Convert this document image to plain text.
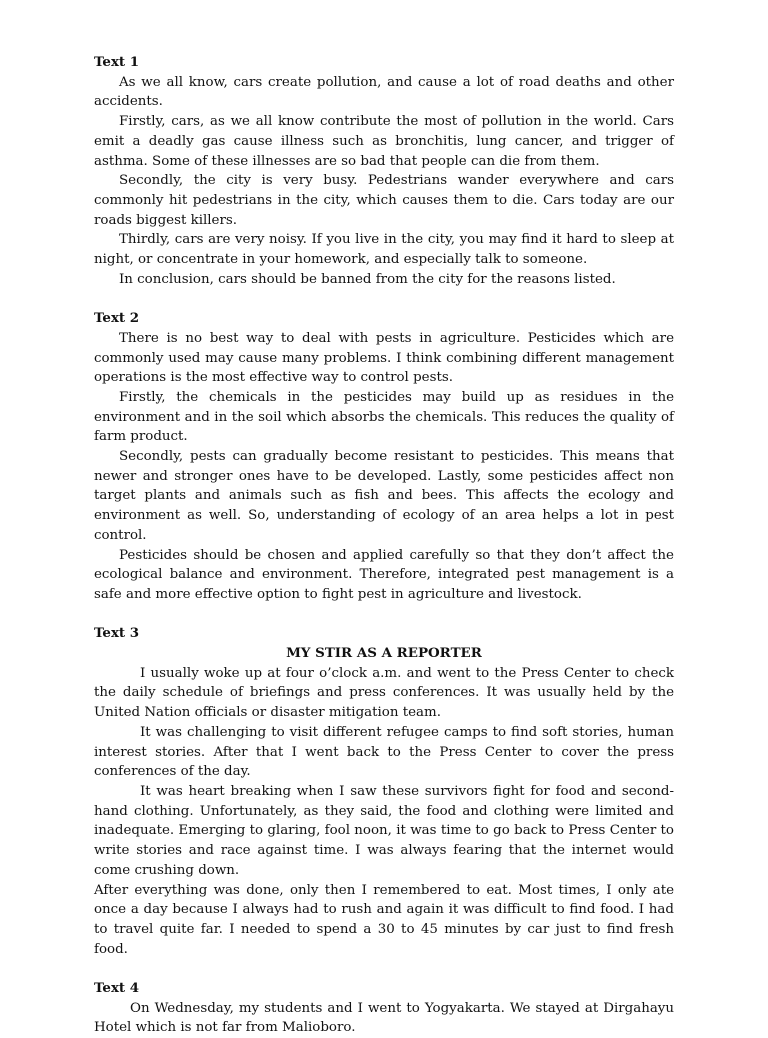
Text 1

As we all know, cars create pollution, and cause a lot of road deaths and other accidents.

Firstly, cars, as we all know contribute the most of pollution in the world. Cars emit a deadly gas cause illness such as bronchitis, lung cancer, and trigger of asthma. Some of these illnesses are so bad that people can die from them.

Secondly, the city is very busy. Pedestrians wander everywhere and cars commonly hit pedestrians in the city, which causes them to die. Cars today are our roads biggest killers.

Thirdly, cars are very noisy. If you live in the city, you may find it hard to sleep at night, or concentrate in your homework, and especially talk to someone.

In conclusion, cars should be banned from the city for the reasons listed.

Text 2

There is no best way to deal with pests in agriculture. Pesticides which are commonly used may cause many problems. I think combining different management operations is the most effective way to control pests.

Firstly, the chemicals in the pesticides may build up as residues in the environment and in the soil which absorbs the chemicals. This reduces the quality of farm product.

Secondly, pests can gradually become resistant to pesticides. This means that newer and stronger ones have to be developed. Lastly, some pesticides affect non target plants and animals such as fish and bees. This affects the ecology and environment as well. So, understanding of ecology of an area helps a lot in pest control.

Pesticides should be chosen and applied carefully so that they don’t affect the ecological balance and environment. Therefore, integrated pest management is a safe and more effective option to fight pest in agriculture and livestock.

Text 3
MY STIR AS A REPORTER

I usually woke up at four o’clock a.m. and went to the Press Center to check the daily schedule of briefings and press conferences. It was usually held by the United Nation officials or disaster mitigation team.

It was challenging to visit different refugee camps to find soft stories, human interest stories. After that I went back to the Press Center to cover the press conferences of the day.

It was heart breaking when I saw these survivors fight for food and second-hand clothing. Unfortunately, as they said, the food and clothing were limited and inadequate. Emerging to glaring, fool noon, it was time to go back to Press Center to write stories and race against time. I was always fearing that the internet would come crushing down.

After everything was done, only then I remembered to eat. Most times, I only ate once a day because I always had to rush and again it was difficult to find food. I had to travel quite far. I needed to spend a 30 to 45 minutes by car just to find fresh food.

Text 4

On Wednesday, my students and I went to Yogyakarta. We stayed at Dirgahayu Hotel which is not far from Malioboro.
